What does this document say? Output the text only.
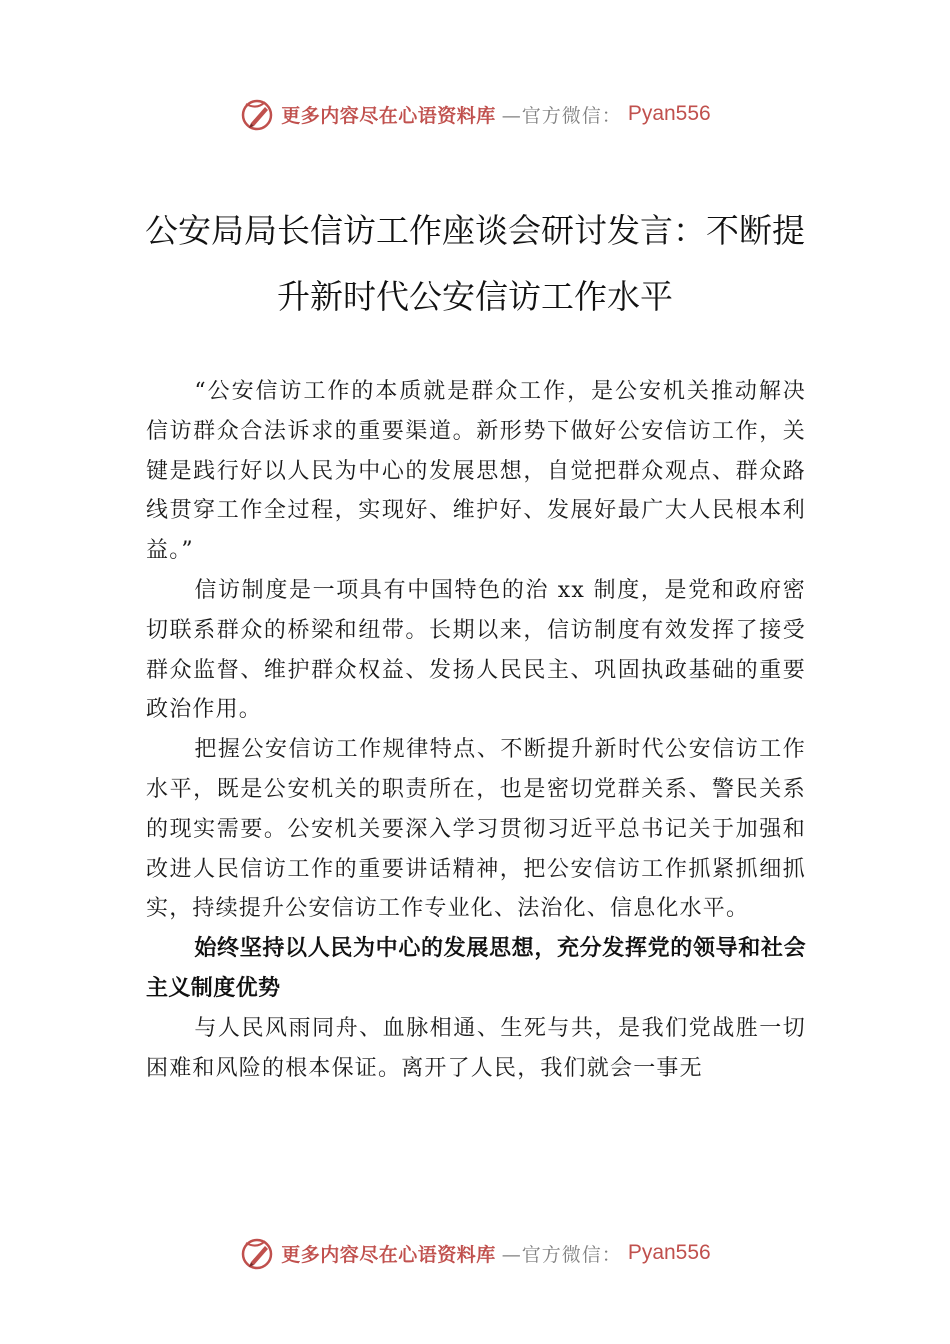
更多内容尽在心语资料库 —官方微信： Pyan556
公安局局长信访工作座谈会研讨发言：不断提升新时代公安信访工作水平

“公安信访工作的本质就是群众工作，是公安机关推动解决信访群众合法诉求的重要渠道。新形势下做好公安信访工作，关键是践行好以人民为中心的发展思想，自觉把群众观点、群众路线贯穿工作全过程，实现好、维护好、发展好最广大人民根本利益。”

信访制度是一项具有中国特色的治 xx 制度，是党和政府密切联系群众的桥梁和纽带。长期以来，信访制度有效发挥了接受群众监督、维护群众权益、发扬人民民主、巩固执政基础的重要政治作用。

把握公安信访工作规律特点、不断提升新时代公安信访工作水平，既是公安机关的职责所在，也是密切党群关系、警民关系的现实需要。公安机关要深入学习贯彻习近平总书记关于加强和改进人民信访工作的重要讲话精神，把公安信访工作抓紧抓细抓实，持续提升公安信访工作专业化、法治化、信息化水平。

始终坚持以人民为中心的发展思想，充分发挥党的领导和社会主义制度优势

与人民风雨同舟、血脉相通、生死与共，是我们党战胜一切困难和风险的根本保证。离开了人民，我们就会一事无

更多内容尽在心语资料库 —官方微信： Pyan556
